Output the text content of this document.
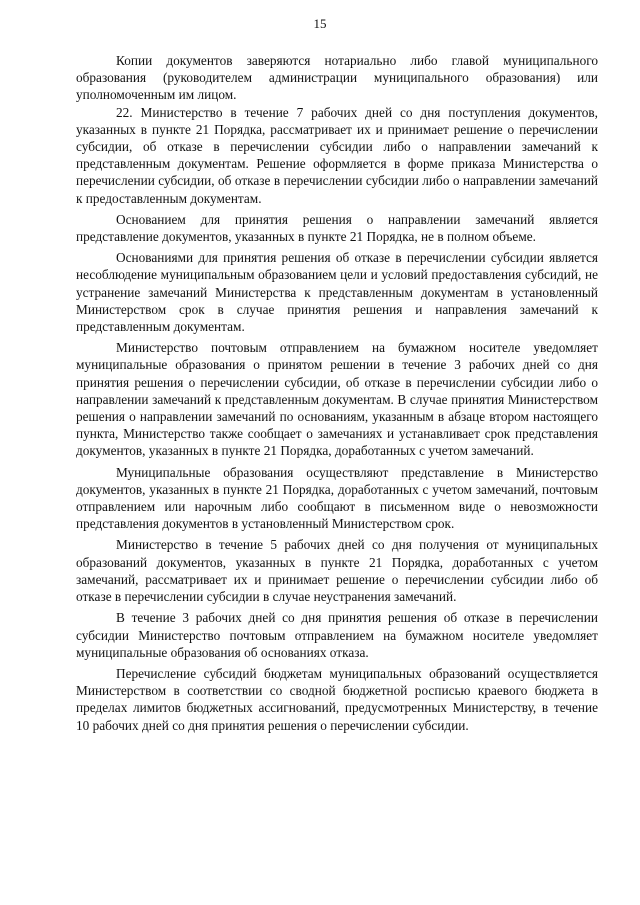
15

Копии документов заверяются нотариально либо главой муниципального образования (руководителем администрации муниципального образования) или уполномоченным им лицом.

22. Министерство в течение 7 рабочих дней со дня поступления документов, указанных в пункте 21 Порядка, рассматривает их и принимает решение о перечислении субсидии, об отказе в перечислении субсидии либо о направлении замечаний к представленным документам. Решение оформляется в форме приказа Министерства о перечислении субсидии, об отказе в перечислении субсидии либо о направлении замечаний к предоставленным документам.

Основанием для принятия решения о направлении замечаний является представление документов, указанных в пункте 21 Порядка, не в полном объеме.

Основаниями для принятия решения об отказе в перечислении субсидии является несоблюдение муниципальным образованием цели и условий предоставления субсидий, не устранение замечаний Министерства к представленным документам в установленный Министерством срок в случае принятия решения и направления замечаний к представленным документам.

Министерство почтовым отправлением на бумажном носителе уведомляет муниципальные образования о принятом решении в течение 3 рабочих дней со дня принятия решения о перечислении субсидии, об отказе в перечислении субсидии либо о направлении замечаний к представленным документам. В случае принятия Министерством решения о направлении замечаний по основаниям, указанным в абзаце втором настоящего пункта, Министерство также сообщает о замечаниях и устанавливает срок представления документов, указанных в пункте 21 Порядка, доработанных с учетом замечаний.

Муниципальные образования осуществляют представление в Министерство документов, указанных в пункте 21 Порядка, доработанных с учетом замечаний, почтовым отправлением или нарочным либо сообщают в письменном виде о невозможности представления документов в установленный Министерством срок.

Министерство в течение 5 рабочих дней со дня получения от муниципальных образований документов, указанных в пункте 21 Порядка, доработанных с учетом замечаний, рассматривает их и принимает решение о перечислении субсидии либо об отказе в перечислении субсидии в случае неустранения замечаний.

В течение 3 рабочих дней со дня принятия решения об отказе в перечислении субсидии Министерство почтовым отправлением на бумажном носителе уведомляет муниципальные образования об основаниях отказа.

Перечисление субсидий бюджетам муниципальных образований осуществляется Министерством в соответствии со сводной бюджетной росписью краевого бюджета в пределах лимитов бюджетных ассигнований, предусмотренных Министерству, в течение 10 рабочих дней со дня принятия решения о перечислении субсидии.
